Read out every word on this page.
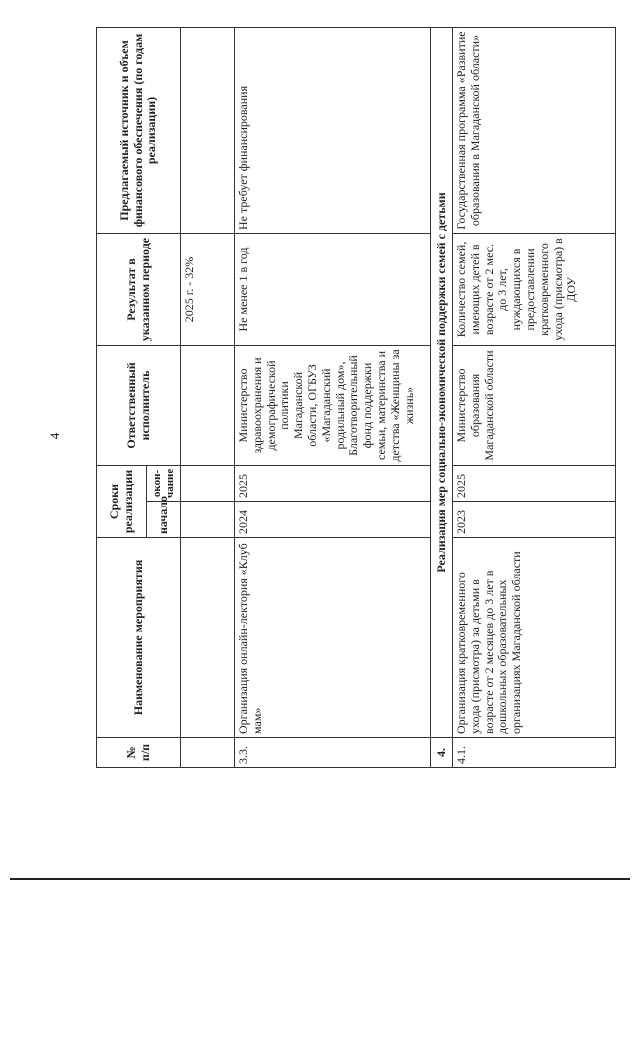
4
№ п/п	Наименование мероприятия	Сроки реализации		Ответственный исполнитель	Результат в указанном периоде	Предлагаемый источник и объем финансового обеспечения (по годам реализации)
		начало	окон-чание			
					2025 г. - 32%	
3.3.	Организация онлайн-лектория «Клуб мам»	2024	2025	Министерство здравоохранения и демографической политики Магаданской области, ОГБУЗ «Магаданский родильный дом», Благотворительный фонд поддержки семьи, материнства и детства «Женщины за жизнь»	Не менее 1 в год	Не требует финансирования
4.	Реализация мер социально-экономической поддержки семей с детьми					
4.1.	Организация кратковременного ухода (присмотра) за детьми в возрасте от 2 месяцев до 3 лет в дошкольных образовательных организациях Магаданской области	2023	2025	Министерство образования Магаданской области	Количество семей, имеющих детей в возрасте от 2 мес. до 3 лет, нуждающихся в предоставлении кратковременного ухода (присмотра) в ДОУ	Государственная программа «Развитие образования в Магаданской области»
